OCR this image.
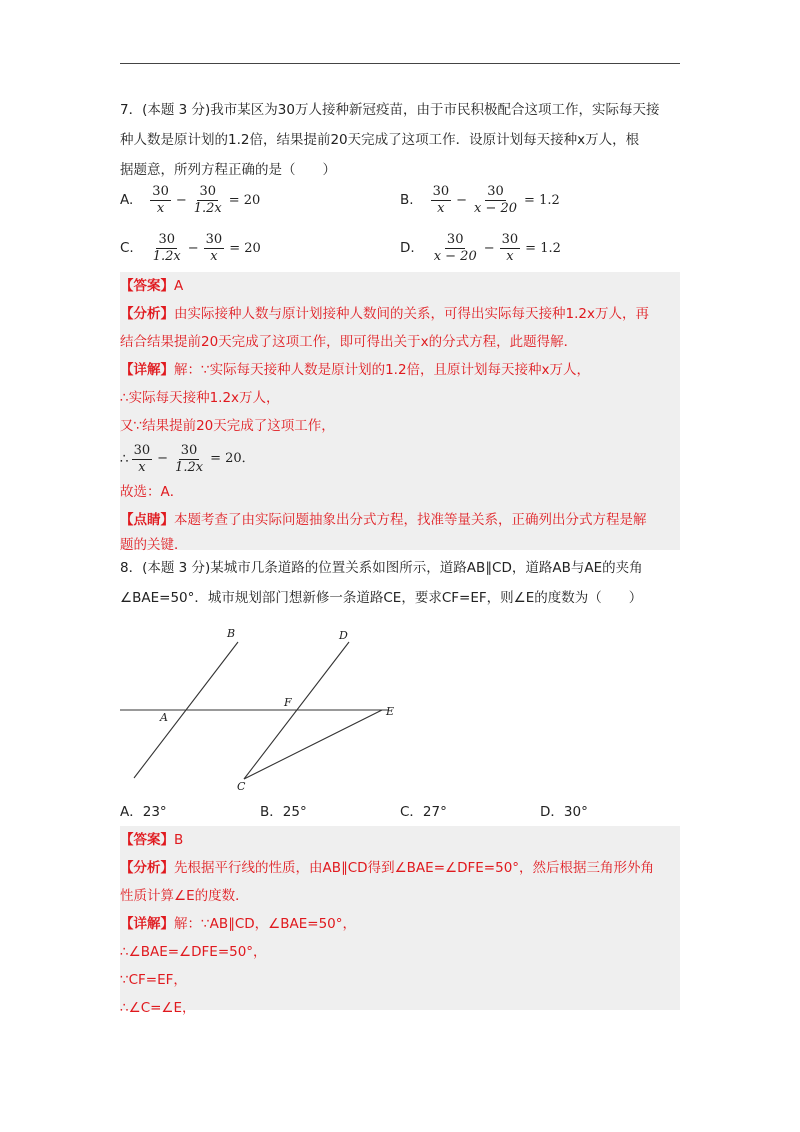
7．(本题 3 分)我市某区为30万人接种新冠疫苗，由于市民积极配合这项工作，实际每天接
种人数是原计划的1.2倍，结果提前20天完成了这项工作．设原计划每天接种x万人，根
据题意，所列方程正确的是（　　）
A. $\frac{30}{x} - \frac{30}{1.2x} = 20$	B. $\frac{30}{x} - \frac{30}{x - 20} = 1.2$
C. $\frac{30}{1.2x} - \frac{30}{x} = 20$	D. $\frac{30}{x - 20} - \frac{30}{x} = 1.2$
【答案】A
【分析】由实际接种人数与原计划接种人数间的关系，可得出实际每天接种1.2x万人，再
结合结果提前20天完成了这项工作，即可得出关于x的分式方程，此题得解．
【详解】解：∵实际每天接种人数是原计划的1.2倍，且原计划每天接种x万人，
∴实际每天接种1.2x万人，
又∵结果提前20天完成了这项工作，
∴ $\frac{30}{x} - \frac{30}{1.2x} = 20$．
故选：A．
【点睛】本题考查了由实际问题抽象出分式方程，找准等量关系，正确列出分式方程是解
题的关键．
8．(本题 3 分)某城市几条道路的位置关系如图所示，道路AB∥CD，道路AB与AE的夹角
∠BAE=50°．城市规划部门想新修一条道路CE，要求CF=EF，则∠E的度数为（　　）
B	D
F
A	E
C
A．23°	B．25°	C．27°	D．30°
【答案】B
【分析】先根据平行线的性质，由AB∥CD得到∠BAE=∠DFE=50°，然后根据三角形外角
性质计算∠E的度数．
【详解】解：∵AB∥CD，∠BAE=50°，
∴∠BAE=∠DFE=50°，
∵CF=EF，
∴∠C=∠E，
